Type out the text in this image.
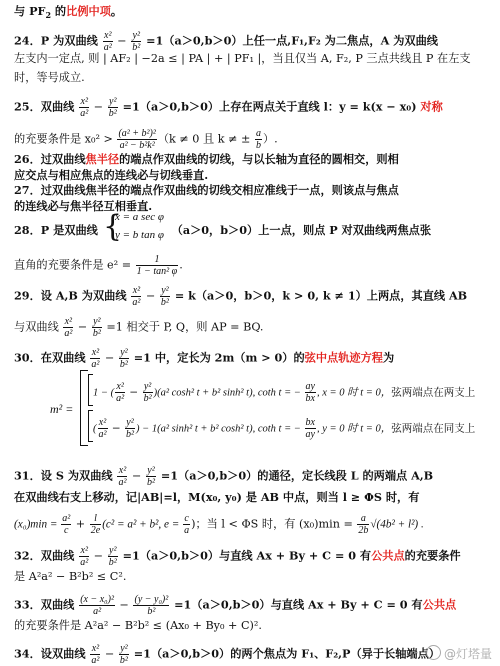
与 $PF_2$ 的比例中项。
24．P 为双曲线 $\frac{\text{x²}}{\text{a²}} - \frac{\text{y²}}{\text{b²}} =1(a>0,b>0)$上任一点,F₁,F₂ 为二焦点，A 为双曲线
左支内一定点, 则 | AF₂ | −2a ≤ | PA | + | PF₁ |，当且仅当 A, F₂, P 三点共线且 P 在左支
时，等号成立.
25．双曲线 $\frac{\text{x²}}{\text{a²}} - \frac{\text{y²}}{\text{b²}} =1(a>0,b>0)$上存在两点关于直线 l：y = k(x − x₀) 对称
的充要条件是 $x_0^2 > \frac{\text{(a² + b²)²}}{\text{a² − b²k²}} (k \ne 0$ 且 k ≠ ± $\frac{a}{b}$ ）.
26．过双曲线焦半径的端点作双曲线的切线，与以长轴为直径的圆相交，则相
应交点与相应焦点的连线必与切线垂直.
27．过双曲线焦半径的端点作双曲线的切线交相应准线于一点，则该点与焦点
的连线必与焦半径互相垂直.
28．P 是双曲线	（a＞0，b＞0）上一点，则点 P 对双曲线两焦点张
{
x = a sec φ
y = b tan φ
直角的充要条件是 $e^2 = \frac{1}{\text{1 − tan² φ}}$ .
29．设 A,B 为双曲线 $\frac{\text{x²}}{\text{a²}} - \frac{\text{y²}}{\text{b²}} = k(a>0$，b＞0，k > 0, k ≠ 1）上两点，其直线 AB
与双曲线 $\frac{\text{x²}}{\text{a²}} - \frac{\text{y²}}{\text{b²}} =1$ 相交于 P, Q，则 AP = BQ.
30．在双曲线 $\frac{\text{x²}}{\text{a²}} - \frac{\text{y²}}{\text{b²}} =1$ 中，定长为 2m（m > 0）的弦中点轨迹方程为
m² =
1 − ( $\frac{\text{x²}}{\text{a²}} - \frac{\text{y²}}{\text{b²}} )(a^2$ cosh² t + b² sinh² t), coth t = − $\frac{ay}{bx}$ , x = 0 时 t = 0，弦两端点在两支上
( $\frac{\text{x²}}{\text{a²}} - \frac{\text{y²}}{\text{b²}}$ ) − 1(a² sinh² t + b² cosh² t), coth t = − $\frac{bx}{ay}$ , y = 0 时 t = 0，弦两端点在同支上
31．设 S 为双曲线 $\frac{\text{x²}}{\text{a²}} - \frac{\text{y²}}{\text{b²}} =1(a>0,b>0)$的通径，定长线段 L 的两端点 A,B
在双曲线右支上移动，记|AB|=l，M(x₀, y₀) 是 AB 中点，则当 l ≥ ΦS 时，有
$(x_0)\min = \frac{\text{a²}}{c} + \frac{l}{2e} (c^2 = a^2 + b^2$, $e = \frac{c}{a}$ )；当 l < ΦS 时，有 $(x_0)\min = \frac{a}{2b} √(4b^2 + l^2)$ .
32．双曲线 $\frac{\text{x²}}{\text{a²}} - \frac{\text{y²}}{\text{b²}} =1(a>0,b>0)$与直线 Ax + By + C = 0 有公共点的充要条件
是 A²a² − B²b² ≤ C².
33．双曲线 $\frac{\text{(x − x₀)²}}{\text{a²}} - \frac{\text{(y − y₀)²}}{\text{b²}} =1(a>0,b>0)$与直线 Ax + By + C = 0 有公共点
的充要条件是 A²a² − B²b² ≤ (Ax₀ + By₀ + C)².
34．设双曲线 $\frac{\text{x²}}{\text{a²}} - \frac{\text{y²}}{\text{b²}} =1(a>0,b>0)$的两个焦点为 F₁、F₂,P（异于长轴端点） @灯塔量
